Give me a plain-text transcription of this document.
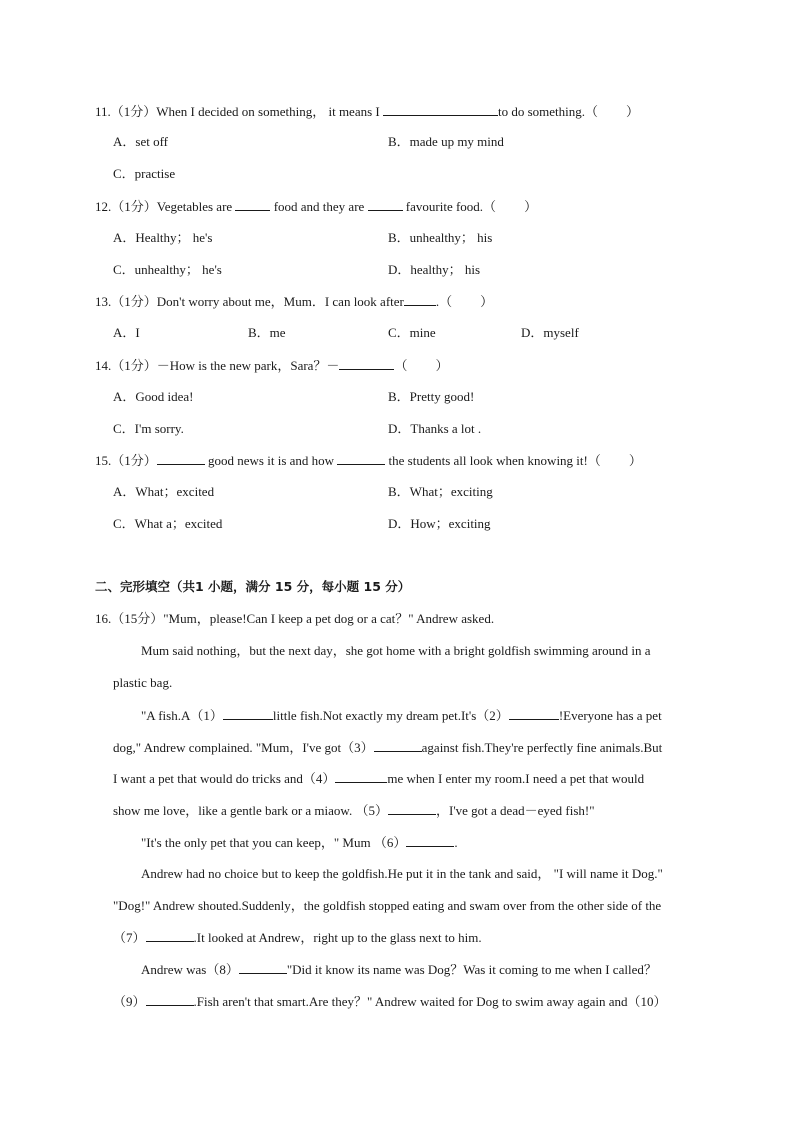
11.（1分）When I decided on something， it means I	to do something.（ ）
A．set off	B．made up my mind
C．practise
12.（1分）Vegetables are	food and they are	favourite food.（ ）
A．Healthy； he's	B．unhealthy； his
C．unhealthy； he's	D．healthy； his
13.（1分）Don't worry about me，Mum．I can look after .（ ）
A．I	B．me	C．mine	D．myself
14.（1分）－How is the new park，Sara？－	（ ）
A．Good idea!	B．Pretty good!
C．I'm sorry.	D．Thanks a lot .
15.（1分）	good news it is and how	the students all look when knowing it!（ ）
A．What；excited	B．What；exciting
C．What a；excited	D．How；exciting
二、完形填空（共1 小题，满分 15 分，每小题 15 分）
16.（15分）"Mum，please!Can I keep a pet dog or a cat？" Andrew asked.
Mum said nothing，but the next day，she got home with a bright goldfish swimming around in a
plastic bag.
"A fish.A（1）	little fish.Not exactly my dream pet.It's（2）	!Everyone has a pet
dog," Andrew complained. "Mum，I've got（3）	against fish.They're perfectly fine animals.But
I want a pet that would do tricks and（4）	me when I enter my room.I need a pet that would
show me love，like a gentle bark or a miaow. （5）	，I've got a dead－eyed fish!"
"It's the only pet that you can keep，" Mum （6）	.
Andrew had no choice but to keep the goldfish.He put it in the tank and said， "I will name it Dog."
"Dog!" Andrew shouted.Suddenly，the goldfish stopped eating and swam over from the other side of the
（7）	.It looked at Andrew，right up to the glass next to him.
Andrew was（8）	"Did it know its name was Dog？Was it coming to me when I called？
（9）	.Fish aren't that smart.Are they？" Andrew waited for Dog to swim away again and（10）
